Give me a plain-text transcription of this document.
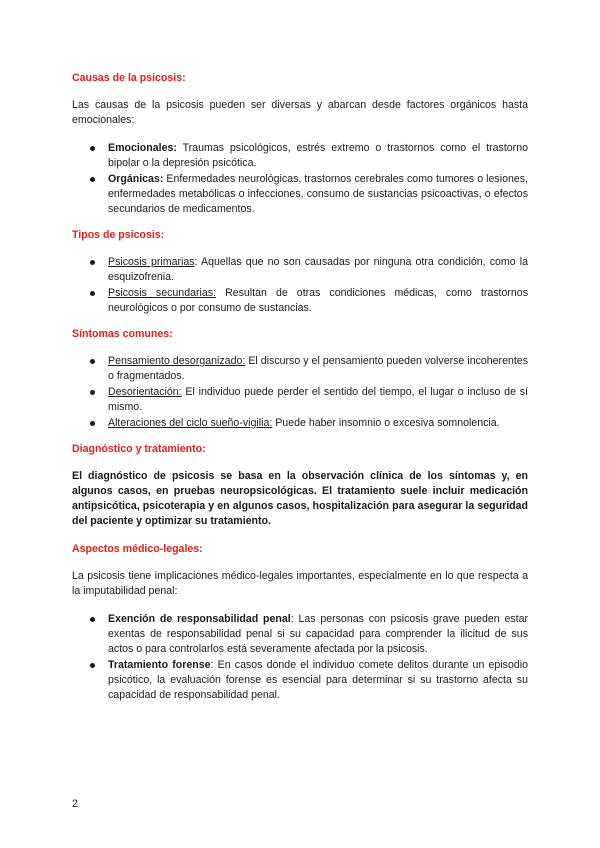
Causas de la psicosis:

Las causas de la psicosis pueden ser diversas y abarcan desde factores orgánicos hasta emocionales:

Emocionales: Traumas psicológicos, estrés extremo o trastornos como el trastorno bipolar o la depresión psicótica.
Orgánicas: Enfermedades neurológicas, trastornos cerebrales como tumores o lesiones, enfermedades metabólicas o infecciones, consumo de sustancias psicoactivas, o efectos secundarios de medicamentos.
Tipos de psicosis:
Psicosis primarias: Aquellas que no son causadas por ninguna otra condición, como la esquizofrenia.
Psicosis secundarias: Resultan de otras condiciones médicas, como trastornos neurológicos o por consumo de sustancias.
Síntomas comunes:
Pensamiento desorganizado: El discurso y el pensamiento pueden volverse incoherentes o fragmentados.
Desorientación: El individuo puede perder el sentido del tiempo, el lugar o incluso de sí mismo.
Alteraciones del ciclo sueño-vigilia: Puede haber insomnio o excesiva somnolencia.
Diagnóstico y tratamiento:

El diagnóstico de psicosis se basa en la observación clínica de los síntomas y, en algunos casos, en pruebas neuropsicológicas. El tratamiento suele incluir medicación antipsicótica, psicoterapia y en algunos casos, hospitalización para asegurar la seguridad del paciente y optimizar su tratamiento.

Aspectos médico-legales:

La psicosis tiene implicaciones médico-legales importantes, especialmente en lo que respecta a la imputabilidad penal:

Exención de responsabilidad penal: Las personas con psicosis grave pueden estar exentas de responsabilidad penal si su capacidad para comprender la ilicitud de sus actos o para controlarlos está severamente afectada por la psicosis.
Tratamiento forense: En casos donde el individuo comete delitos durante un episodio psicótico, la evaluación forense es esencial para determinar si su trastorno afecta su capacidad de responsabilidad penal.
2
